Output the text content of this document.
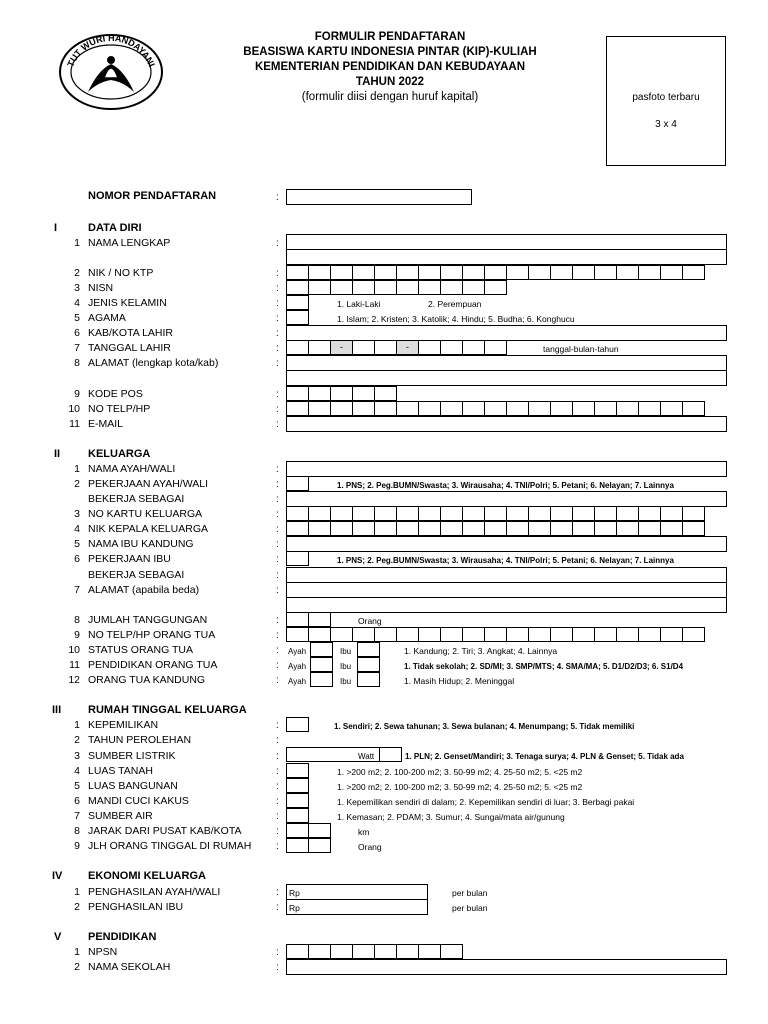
TUT WURI HANDAYANI
FORMULIR PENDAFTARAN
BEASISWA KARTU INDONESIA PINTAR (KIP)-KULIAH
KEMENTERIAN PENDIDIKAN DAN KEBUDAYAAN
TAHUN 2022
(formulir diisi dengan huruf kapital)	pasfoto terbaru
3 x 4
NOMOR PENDAFTARAN	:
I	DATA DIRI
1 NAMA LENGKAP	:
2 NIK / NO KTP	:
3 NISN	:
4 JENIS KELAMIN	:	1. Laki-Laki	2. Perempuan
5 AGAMA	:	1. Islam; 2. Kristen; 3. Katolik; 4. Hindu; 5. Budha; 6. Konghucu
6 KAB/KOTA LAHIR	:
7 TANGGAL LAHIR	:	-	-	tanggal-bulan-tahun
8 ALAMAT (lengkap kota/kab)	:
9 KODE POS	:
10 NO TELP/HP	:
11 E-MAIL	:
II	KELUARGA
1 NAMA AYAH/WALI	:
2 PEKERJAAN AYAH/WALI	:	1. PNS; 2. Peg.BUMN/Swasta; 3. Wirausaha; 4. TNI/Polri; 5. Petani; 6. Nelayan; 7. Lainnya
BEKERJA SEBAGAI	:
3 NO KARTU KELUARGA	:
4 NIK KEPALA KELUARGA	:
5 NAMA IBU KANDUNG	:
6 PEKERJAAN IBU	:	1. PNS; 2. Peg.BUMN/Swasta; 3. Wirausaha; 4. TNI/Polri; 5. Petani; 6. Nelayan; 7. Lainnya
BEKERJA SEBAGAI	:
7 ALAMAT (apabila beda)	:
8 JUMLAH TANGGUNGAN	:	Orang
9 NO TELP/HP ORANG TUA	:
10 STATUS ORANG TUA	: Ayah	Ibu	1. Kandung; 2. Tiri; 3. Angkat; 4. Lainnya
11 PENDIDIKAN ORANG TUA	: Ayah	Ibu	1. Tidak sekolah; 2. SD/MI; 3. SMP/MTS; 4. SMA/MA; 5. D1/D2/D3; 6. S1/D4
12 ORANG TUA KANDUNG	: Ayah	Ibu	1. Masih Hidup; 2. Meninggal
III RUMAH TINGGAL KELUARGA
1 KEPEMILIKAN	:	1. Sendiri; 2. Sewa tahunan; 3. Sewa bulanan; 4. Menumpang; 5. Tidak memiliki
2 TAHUN PEROLEHAN	:
3 SUMBER LISTRIK	:	Watt	1. PLN; 2. Genset/Mandiri; 3. Tenaga surya; 4. PLN & Genset; 5. Tidak ada
4 LUAS TANAH	:	1. >200 m2; 2. 100-200 m2; 3. 50-99 m2; 4. 25-50 m2; 5. <25 m2
5 LUAS BANGUNAN	:	1. >200 m2; 2. 100-200 m2; 3. 50-99 m2; 4. 25-50 m2; 5. <25 m2
6 MANDI CUCI KAKUS	:	1. Kepemilikan sendiri di dalam; 2. Kepemilikan sendiri di luar; 3. Berbagi pakai
7 SUMBER AIR	:	1. Kemasan; 2. PDAM; 3. Sumur; 4. Sungai/mata air/gunung
8 JARAK DARI PUSAT KAB/KOTA	:	km
9 JLH ORANG TINGGAL DI RUMAH :	Orang
IV EKONOMI KELUARGA
1 PENGHASILAN AYAH/WALI	: Rp	per bulan
2 PENGHASILAN IBU	: Rp	per bulan
V PENDIDIKAN
1 NPSN	:
2 NAMA SEKOLAH	:
